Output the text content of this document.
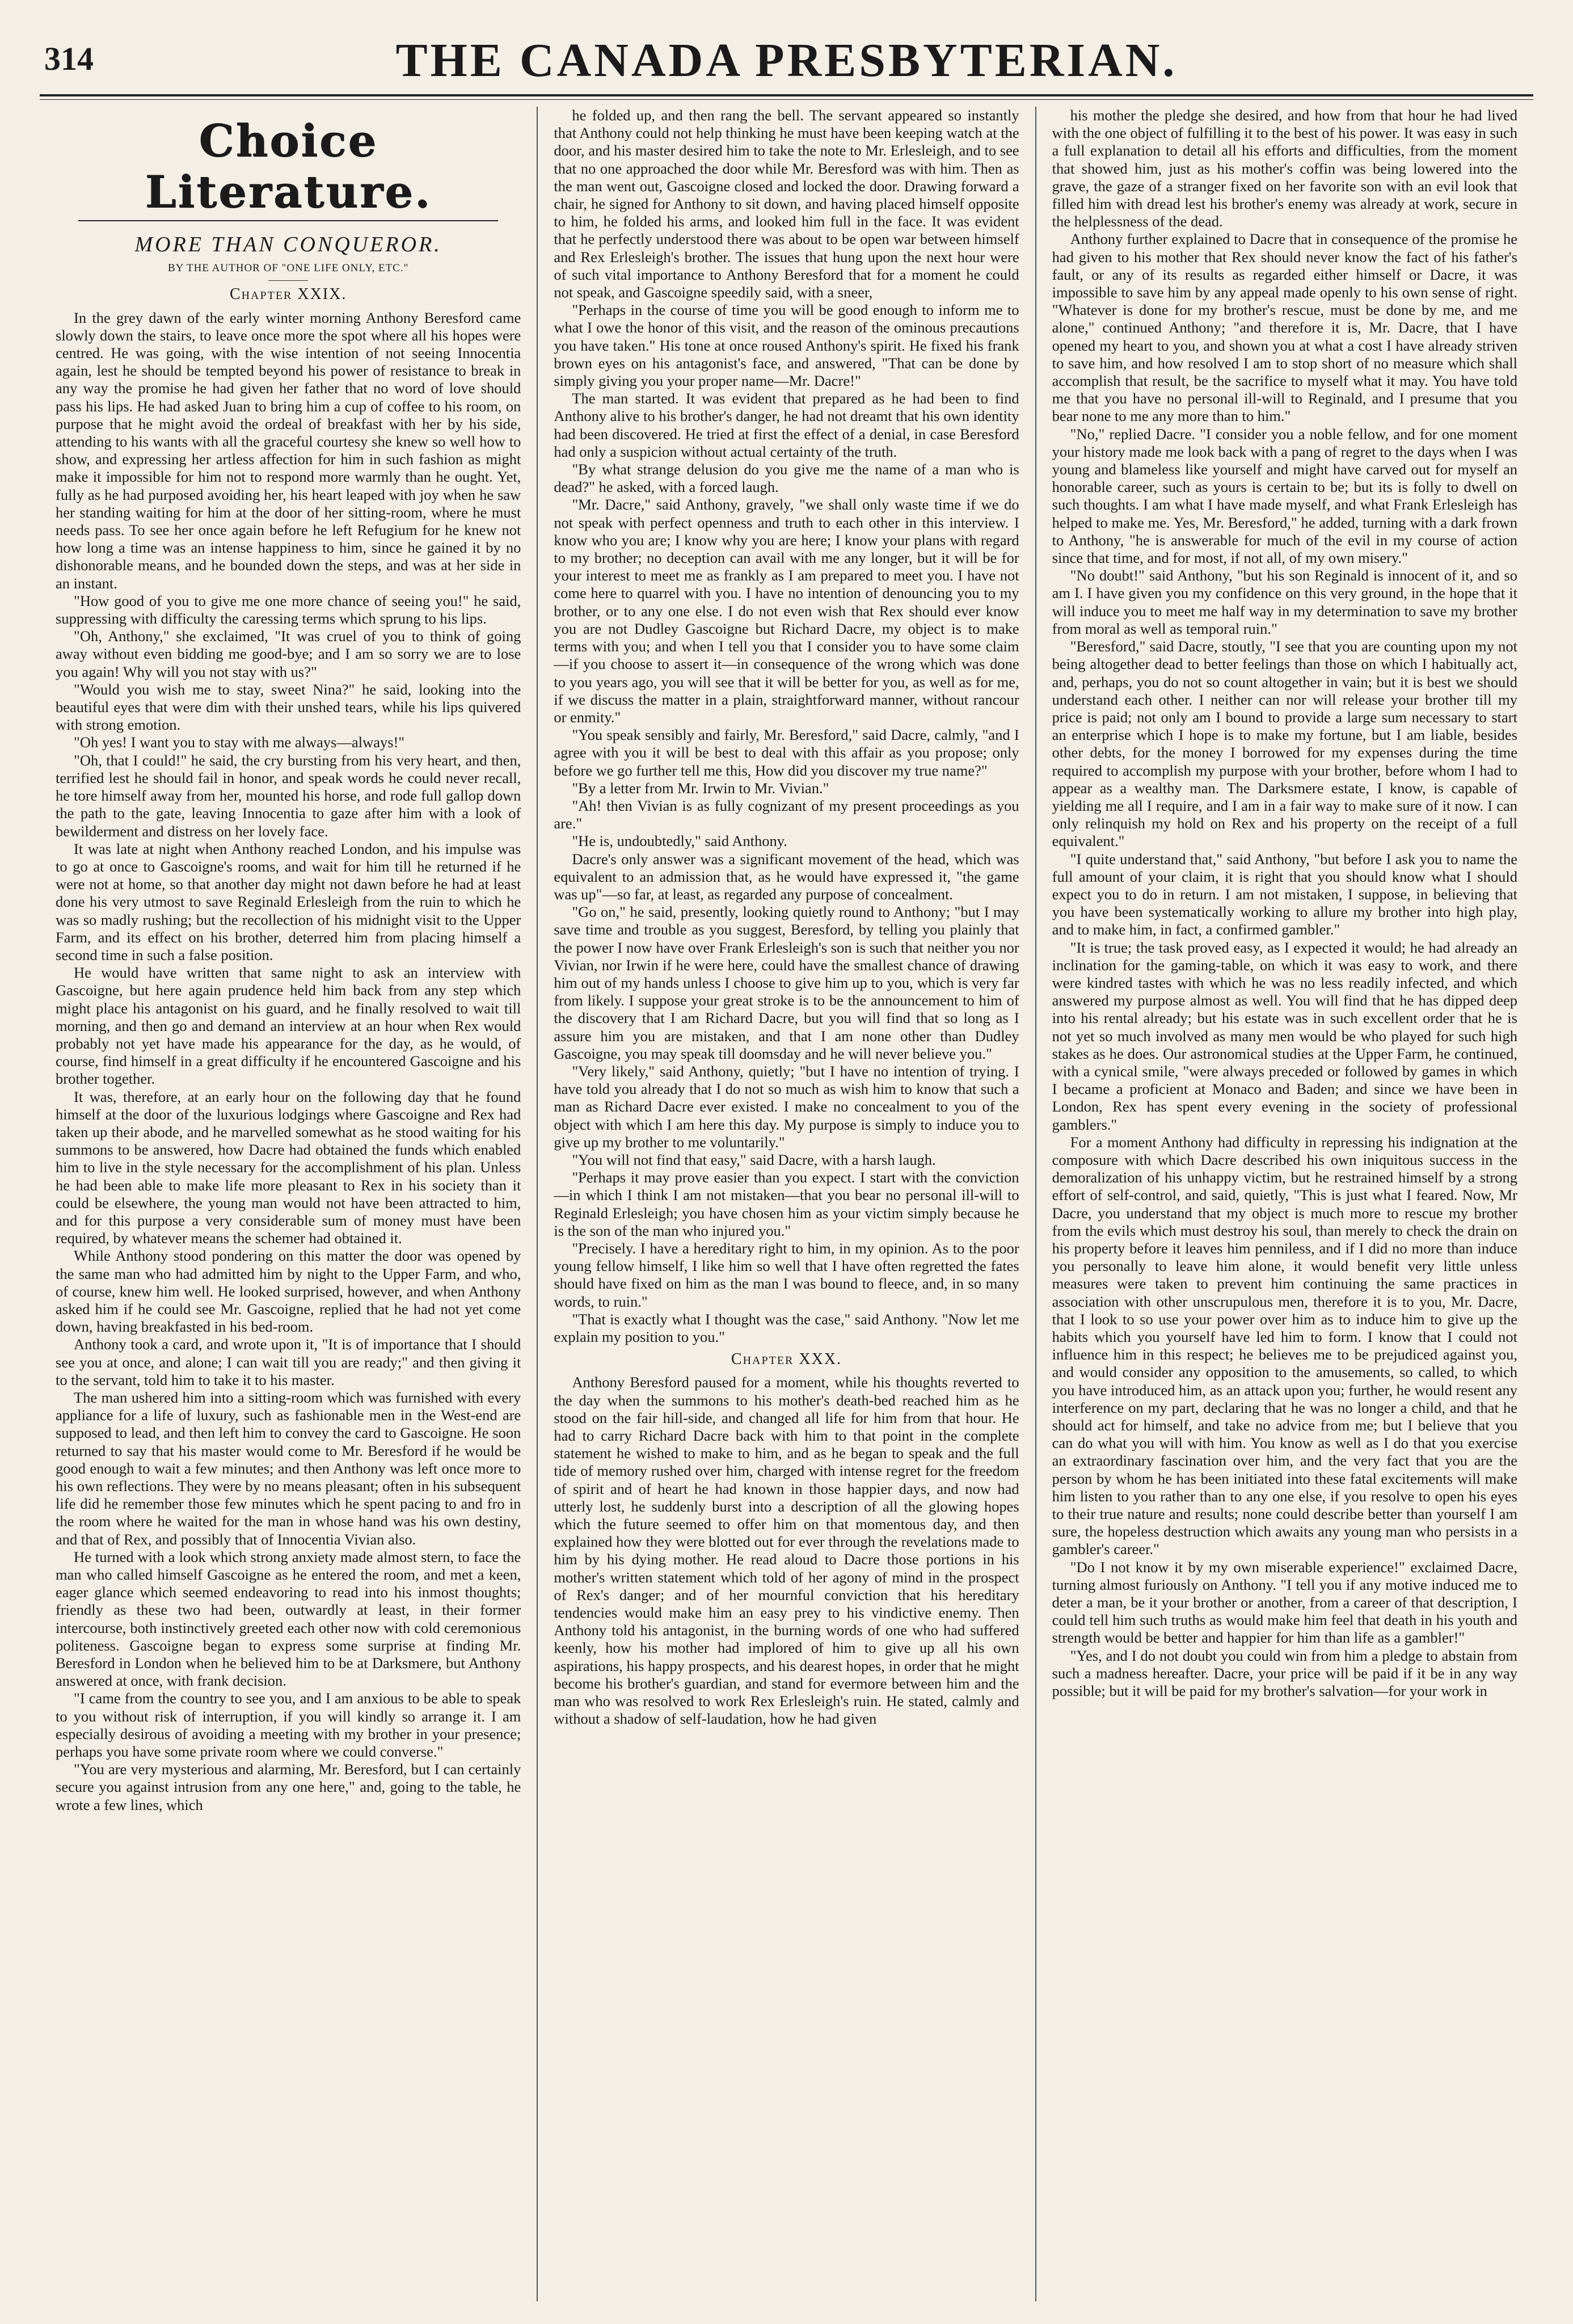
314	THE CANADA PRESBYTERIAN.
Choice Literature.
MORE THAN CONQUEROR.
BY THE AUTHOR OF "ONE LIFE ONLY, ETC."
Chapter XXIX.

In the grey dawn of the early winter morning Anthony Beresford came slowly down the stairs, to leave once more the spot where all his hopes were centred. He was going, with the wise intention of not seeing Innocentia again, lest he should be tempted beyond his power of resistance to break in any way the promise he had given her father that no word of love should pass his lips. He had asked Juan to bring him a cup of coffee to his room, on purpose that he might avoid the ordeal of breakfast with her by his side, attending to his wants with all the graceful courtesy she knew so well how to show, and expressing her artless affection for him in such fashion as might make it impossible for him not to respond more warmly than he ought. Yet, fully as he had purposed avoiding her, his heart leaped with joy when he saw her standing waiting for him at the door of her sitting-room, where he must needs pass. To see her once again before he left Refugium for he knew not how long a time was an intense happiness to him, since he gained it by no dishonorable means, and he bounded down the steps, and was at her side in an instant.

"How good of you to give me one more chance of seeing you!" he said, suppressing with difficulty the caressing terms which sprung to his lips.

"Oh, Anthony," she exclaimed, "It was cruel of you to think of going away without even bidding me good-bye; and I am so sorry we are to lose you again! Why will you not stay with us?"

"Would you wish me to stay, sweet Nina?" he said, looking into the beautiful eyes that were dim with their unshed tears, while his lips quivered with strong emotion.

"Oh yes! I want you to stay with me always—always!"

"Oh, that I could!" he said, the cry bursting from his very heart, and then, terrified lest he should fail in honor, and speak words he could never recall, he tore himself away from her, mounted his horse, and rode full gallop down the path to the gate, leaving Innocentia to gaze after him with a look of bewilderment and distress on her lovely face.

It was late at night when Anthony reached London, and his impulse was to go at once to Gascoigne's rooms, and wait for him till he returned if he were not at home, so that another day might not dawn before he had at least done his very utmost to save Reginald Erlesleigh from the ruin to which he was so madly rushing; but the recollection of his midnight visit to the Upper Farm, and its effect on his brother, deterred him from placing himself a second time in such a false position.

He would have written that same night to ask an interview with Gascoigne, but here again prudence held him back from any step which might place his antagonist on his guard, and he finally resolved to wait till morning, and then go and demand an interview at an hour when Rex would probably not yet have made his appearance for the day, as he would, of course, find himself in a great difficulty if he encountered Gascoigne and his brother together.

It was, therefore, at an early hour on the following day that he found himself at the door of the luxurious lodgings where Gascoigne and Rex had taken up their abode, and he marvelled somewhat as he stood waiting for his summons to be answered, how Dacre had obtained the funds which enabled him to live in the style necessary for the accomplishment of his plan. Unless he had been able to make life more pleasant to Rex in his society than it could be elsewhere, the young man would not have been attracted to him, and for this purpose a very considerable sum of money must have been required, by whatever means the schemer had obtained it.

While Anthony stood pondering on this matter the door was opened by the same man who had admitted him by night to the Upper Farm, and who, of course, knew him well. He looked surprised, however, and when Anthony asked him if he could see Mr. Gascoigne, replied that he had not yet come down, having breakfasted in his bed-room.

Anthony took a card, and wrote upon it, "It is of importance that I should see you at once, and alone; I can wait till you are ready;" and then giving it to the servant, told him to take it to his master.

The man ushered him into a sitting-room which was furnished with every appliance for a life of luxury, such as fashionable men in the West-end are supposed to lead, and then left him to convey the card to Gascoigne. He soon returned to say that his master would come to Mr. Beresford if he would be good enough to wait a few minutes; and then Anthony was left once more to his own reflections. They were by no means pleasant; often in his subsequent life did he remember those few minutes which he spent pacing to and fro in the room where he waited for the man in whose hand was his own destiny, and that of Rex, and possibly that of Innocentia Vivian also.

He turned with a look which strong anxiety made almost stern, to face the man who called himself Gascoigne as he entered the room, and met a keen, eager glance which seemed endeavoring to read into his inmost thoughts; friendly as these two had been, outwardly at least, in their former intercourse, both instinctively greeted each other now with cold ceremonious politeness. Gascoigne began to express some surprise at finding Mr. Beresford in London when he believed him to be at Darksmere, but Anthony answered at once, with frank decision.

"I came from the country to see you, and I am anxious to be able to speak to you without risk of interruption, if you will kindly so arrange it. I am especially desirous of avoiding a meeting with my brother in your presence; perhaps you have some private room where we could converse."

"You are very mysterious and alarming, Mr. Beresford, but I can certainly secure you against intrusion from any one here," and, going to the table, he wrote a few lines, which

he folded up, and then rang the bell. The servant appeared so instantly that Anthony could not help thinking he must have been keeping watch at the door, and his master desired him to take the note to Mr. Erlesleigh, and to see that no one approached the door while Mr. Beresford was with him. Then as the man went out, Gascoigne closed and locked the door. Drawing forward a chair, he signed for Anthony to sit down, and having placed himself opposite to him, he folded his arms, and looked him full in the face. It was evident that he perfectly understood there was about to be open war between himself and Rex Erlesleigh's brother. The issues that hung upon the next hour were of such vital importance to Anthony Beresford that for a moment he could not speak, and Gascoigne speedily said, with a sneer,

"Perhaps in the course of time you will be good enough to inform me to what I owe the honor of this visit, and the reason of the ominous precautions you have taken." His tone at once roused Anthony's spirit. He fixed his frank brown eyes on his antagonist's face, and answered, "That can be done by simply giving you your proper name—Mr. Dacre!"

The man started. It was evident that prepared as he had been to find Anthony alive to his brother's danger, he had not dreamt that his own identity had been discovered. He tried at first the effect of a denial, in case Beresford had only a suspicion without actual certainty of the truth.

"By what strange delusion do you give me the name of a man who is dead?" he asked, with a forced laugh.

"Mr. Dacre," said Anthony, gravely, "we shall only waste time if we do not speak with perfect openness and truth to each other in this interview. I know who you are; I know why you are here; I know your plans with regard to my brother; no deception can avail with me any longer, but it will be for your interest to meet me as frankly as I am prepared to meet you. I have not come here to quarrel with you. I have no intention of denouncing you to my brother, or to any one else. I do not even wish that Rex should ever know you are not Dudley Gascoigne but Richard Dacre, my object is to make terms with you; and when I tell you that I consider you to have some claim—if you choose to assert it—in consequence of the wrong which was done to you years ago, you will see that it will be better for you, as well as for me, if we discuss the matter in a plain, straightforward manner, without rancour or enmity."

"You speak sensibly and fairly, Mr. Beresford," said Dacre, calmly, "and I agree with you it will be best to deal with this affair as you propose; only before we go further tell me this, How did you discover my true name?"

"By a letter from Mr. Irwin to Mr. Vivian."

"Ah! then Vivian is as fully cognizant of my present proceedings as you are."

"He is, undoubtedly," said Anthony.

Dacre's only answer was a significant movement of the head, which was equivalent to an admission that, as he would have expressed it, "the game was up"—so far, at least, as regarded any purpose of concealment.

"Go on," he said, presently, looking quietly round to Anthony; "but I may save time and trouble as you suggest, Beresford, by telling you plainly that the power I now have over Frank Erlesleigh's son is such that neither you nor Vivian, nor Irwin if he were here, could have the smallest chance of drawing him out of my hands unless I choose to give him up to you, which is very far from likely. I suppose your great stroke is to be the announcement to him of the discovery that I am Richard Dacre, but you will find that so long as I assure him you are mistaken, and that I am none other than Dudley Gascoigne, you may speak till doomsday and he will never believe you."

"Very likely," said Anthony, quietly; "but I have no intention of trying. I have told you already that I do not so much as wish him to know that such a man as Richard Dacre ever existed. I make no concealment to you of the object with which I am here this day. My purpose is simply to induce you to give up my brother to me voluntarily."

"You will not find that easy," said Dacre, with a harsh laugh.

"Perhaps it may prove easier than you expect. I start with the conviction—in which I think I am not mistaken—that you bear no personal ill-will to Reginald Erlesleigh; you have chosen him as your victim simply because he is the son of the man who injured you."

"Precisely. I have a hereditary right to him, in my opinion. As to the poor young fellow himself, I like him so well that I have often regretted the fates should have fixed on him as the man I was bound to fleece, and, in so many words, to ruin."

"That is exactly what I thought was the case," said Anthony. "Now let me explain my position to you."

Chapter XXX.

Anthony Beresford paused for a moment, while his thoughts reverted to the day when the summons to his mother's death-bed reached him as he stood on the fair hill-side, and changed all life for him from that hour. He had to carry Richard Dacre back with him to that point in the complete statement he wished to make to him, and as he began to speak and the full tide of memory rushed over him, charged with intense regret for the freedom of spirit and of heart he had known in those happier days, and now had utterly lost, he suddenly burst into a description of all the glowing hopes which the future seemed to offer him on that momentous day, and then explained how they were blotted out for ever through the revelations made to him by his dying mother. He read aloud to Dacre those portions in his mother's written statement which told of her agony of mind in the prospect of Rex's danger; and of her mournful conviction that his hereditary tendencies would make him an easy prey to his vindictive enemy. Then Anthony told his antagonist, in the burning words of one who had suffered keenly, how his mother had implored of him to give up all his own aspirations, his happy prospects, and his dearest hopes, in order that he might become his brother's guardian, and stand for evermore between him and the man who was resolved to work Rex Erlesleigh's ruin. He stated, calmly and without a shadow of self-laudation, how he had given

his mother the pledge she desired, and how from that hour he had lived with the one object of fulfilling it to the best of his power. It was easy in such a full explanation to detail all his efforts and difficulties, from the moment that showed him, just as his mother's coffin was being lowered into the grave, the gaze of a stranger fixed on her favorite son with an evil look that filled him with dread lest his brother's enemy was already at work, secure in the helplessness of the dead.

Anthony further explained to Dacre that in consequence of the promise he had given to his mother that Rex should never know the fact of his father's fault, or any of its results as regarded either himself or Dacre, it was impossible to save him by any appeal made openly to his own sense of right. "Whatever is done for my brother's rescue, must be done by me, and me alone," continued Anthony; "and therefore it is, Mr. Dacre, that I have opened my heart to you, and shown you at what a cost I have already striven to save him, and how resolved I am to stop short of no measure which shall accomplish that result, be the sacrifice to myself what it may. You have told me that you have no personal ill-will to Reginald, and I presume that you bear none to me any more than to him."

"No," replied Dacre. "I consider you a noble fellow, and for one moment your history made me look back with a pang of regret to the days when I was young and blameless like yourself and might have carved out for myself an honorable career, such as yours is certain to be; but its is folly to dwell on such thoughts. I am what I have made myself, and what Frank Erlesleigh has helped to make me. Yes, Mr. Beresford," he added, turning with a dark frown to Anthony, "he is answerable for much of the evil in my course of action since that time, and for most, if not all, of my own misery."

"No doubt!" said Anthony, "but his son Reginald is innocent of it, and so am I. I have given you my confidence on this very ground, in the hope that it will induce you to meet me half way in my determination to save my brother from moral as well as temporal ruin."

"Beresford," said Dacre, stoutly, "I see that you are counting upon my not being altogether dead to better feelings than those on which I habitually act, and, perhaps, you do not so count altogether in vain; but it is best we should understand each other. I neither can nor will release your brother till my price is paid; not only am I bound to provide a large sum necessary to start an enterprise which I hope is to make my fortune, but I am liable, besides other debts, for the money I borrowed for my expenses during the time required to accomplish my purpose with your brother, before whom I had to appear as a wealthy man. The Darksmere estate, I know, is capable of yielding me all I require, and I am in a fair way to make sure of it now. I can only relinquish my hold on Rex and his property on the receipt of a full equivalent."

"I quite understand that," said Anthony, "but before I ask you to name the full amount of your claim, it is right that you should know what I should expect you to do in return. I am not mistaken, I suppose, in believing that you have been systematically working to allure my brother into high play, and to make him, in fact, a confirmed gambler."

"It is true; the task proved easy, as I expected it would; he had already an inclination for the gaming-table, on which it was easy to work, and there were kindred tastes with which he was no less readily infected, and which answered my purpose almost as well. You will find that he has dipped deep into his rental already; but his estate was in such excellent order that he is not yet so much involved as many men would be who played for such high stakes as he does. Our astronomical studies at the Upper Farm, he continued, with a cynical smile, "were always preceded or followed by games in which I became a proficient at Monaco and Baden; and since we have been in London, Rex has spent every evening in the society of professional gamblers."

For a moment Anthony had difficulty in repressing his indignation at the composure with which Dacre described his own iniquitous success in the demoralization of his unhappy victim, but he restrained himself by a strong effort of self-control, and said, quietly, "This is just what I feared. Now, Mr Dacre, you understand that my object is much more to rescue my brother from the evils which must destroy his soul, than merely to check the drain on his property before it leaves him penniless, and if I did no more than induce you personally to leave him alone, it would benefit very little unless measures were taken to prevent him continuing the same practices in association with other unscrupulous men, therefore it is to you, Mr. Dacre, that I look to so use your power over him as to induce him to give up the habits which you yourself have led him to form. I know that I could not influence him in this respect; he believes me to be prejudiced against you, and would consider any opposition to the amusements, so called, to which you have introduced him, as an attack upon you; further, he would resent any interference on my part, declaring that he was no longer a child, and that he should act for himself, and take no advice from me; but I believe that you can do what you will with him. You know as well as I do that you exercise an extraordinary fascination over him, and the very fact that you are the person by whom he has been initiated into these fatal excitements will make him listen to you rather than to any one else, if you resolve to open his eyes to their true nature and results; none could describe better than yourself I am sure, the hopeless destruction which awaits any young man who persists in a gambler's career."

"Do I not know it by my own miserable experience!" exclaimed Dacre, turning almost furiously on Anthony. "I tell you if any motive induced me to deter a man, be it your brother or another, from a career of that description, I could tell him such truths as would make him feel that death in his youth and strength would be better and happier for him than life as a gambler!"

"Yes, and I do not doubt you could win from him a pledge to abstain from such a madness hereafter. Dacre, your price will be paid if it be in any way possible; but it will be paid for my brother's salvation—for your work in
